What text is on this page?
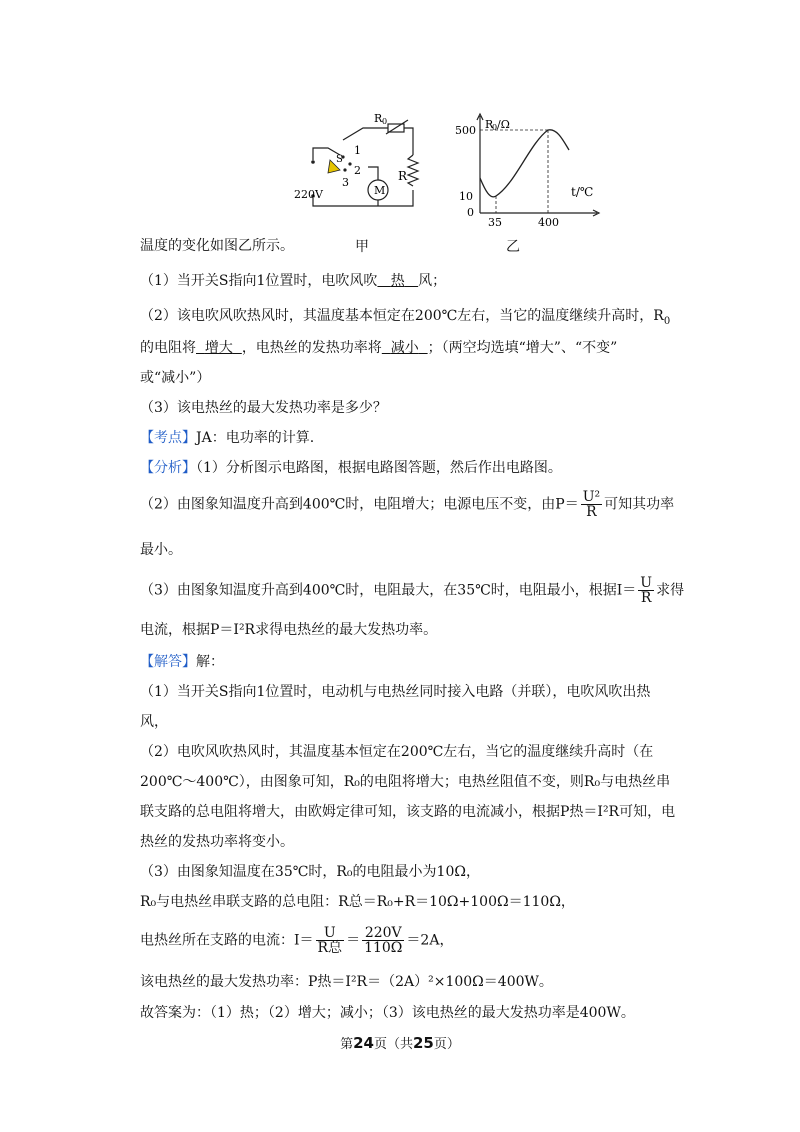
M
R
R 0
1
2
3
S
220V
甲
R
0 /Ω
500
10
0
35	400
t/℃
乙
温度的变化如图乙所示。
（1）当开关S指向1位置时，电吹风吹 热 风；
（2）该电吹风吹热风时，其温度基本恒定在200℃左右，当它的温度继续升高时，$R_0$
的电阻将 增大 ，电热丝的发热功率将 减小 ；（两空均选填“增大”、“不变”
或“减小”）
（3）该电热丝的最大发热功率是多少？
【考点】JA：电功率的计算.
【分析】（1）分析图示电路图，根据电路图答题，然后作出电路图。
（2）由图象知温度升高到400℃时，电阻增大；电源电压不变，由$P= \frac{\text{U²}}{R}$ 可知其功率
最小。
（3）由图象知温度升高到400℃时，电阻最大，在35℃时，电阻最小，根据$I= \frac{U}{R}$ 求得
电流，根据P＝I²R求得电热丝的最大发热功率。
【解答】解：
（1）当开关S指向1位置时，电动机与电热丝同时接入电路（并联），电吹风吹出热
风，
（2）电吹风吹热风时，其温度基本恒定在200℃左右，当它的温度继续升高时（在
200℃～400℃），由图象可知，R₀的电阻将增大；电热丝阻值不变，则R₀与电热丝串
联支路的总电阻将增大，由欧姆定律可知，该支路的电流减小，根据P热＝I²R可知，电
热丝的发热功率将变小。
（3）由图象知温度在35℃时，R₀的电阻最小为10Ω，
R₀与电热丝串联支路的总电阻：R总＝R₀+R＝10Ω+100Ω＝110Ω，
电热丝所在支路的电流：$I= \frac{U}{\text{R总}} = \frac{220V}{110\Omega} =2A$，
该电热丝的最大发热功率：P热＝I²R＝（2A）²×100Ω＝400W。
故答案为：（1）热；（2）增大；减小；（3）该电热丝的最大发热功率是400W。
第24页（共25页）
